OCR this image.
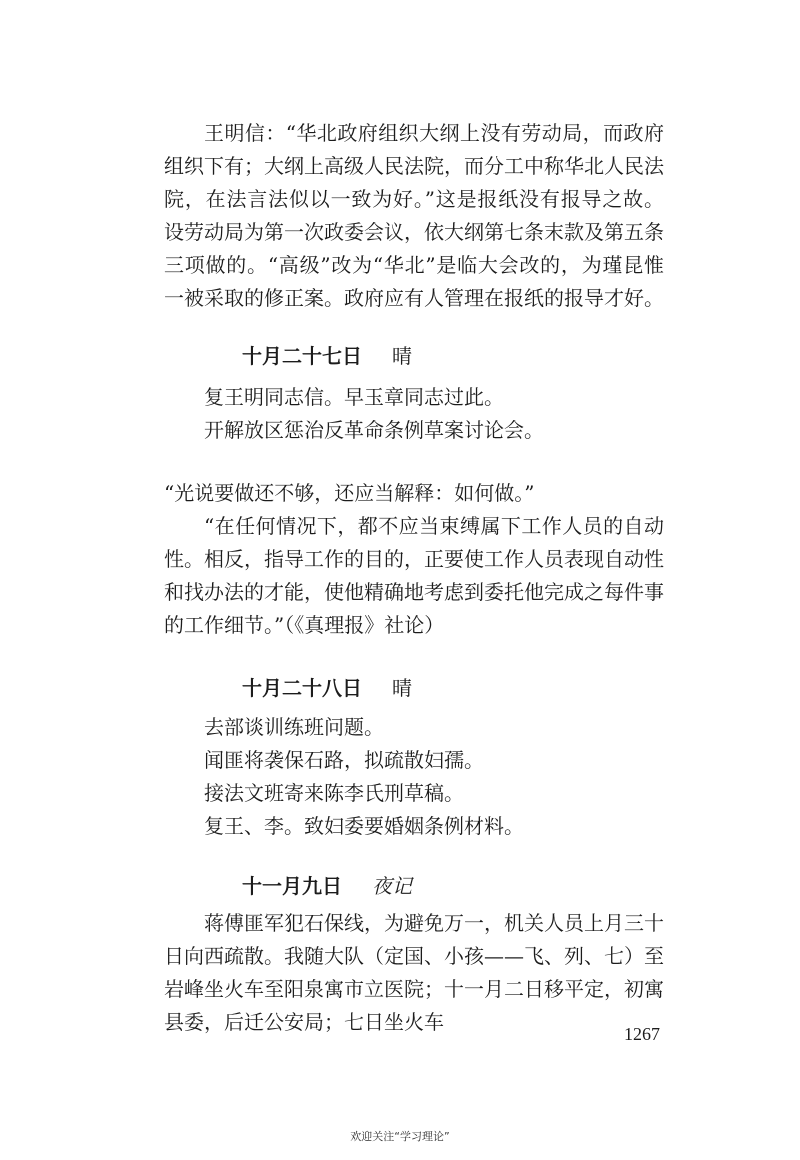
王明信：“华北政府组织大纲上没有劳动局，而政府组织下有；大纲上高级人民法院，而分工中称华北人民法院，在法言法似以一致为好。”这是报纸没有报导之故。设劳动局为第一次政委会议，依大纲第七条末款及第五条三项做的。“高级”改为“华北”是临大会改的，为瑾昆惟一被采取的修正案。政府应有人管理在报纸的报导才好。

十月二十七日 晴

复王明同志信。早玉章同志过此。

开解放区惩治反革命条例草案讨论会。

“光说要做还不够，还应当解释：如何做。”

“在任何情况下，都不应当束缚属下工作人员的自动性。相反，指导工作的目的，正要使工作人员表现自动性和找办法的才能，使他精确地考虑到委托他完成之每件事的工作细节。”（《真理报》社论）

十月二十八日 晴

去部谈训练班问题。

闻匪将袭保石路，拟疏散妇孺。

接法文班寄来陈李氏刑草稿。

复王、李。致妇委要婚姻条例材料。

十一月九日 夜记

蒋傅匪军犯石保线，为避免万一，机关人员上月三十日向西疏散。我随大队（定国、小孩——飞、列、七）至岩峰坐火车至阳泉寓市立医院；十一月二日移平定，初寓县委，后迁公安局；七日坐火车	1267
欢迎关注“学习理论”
